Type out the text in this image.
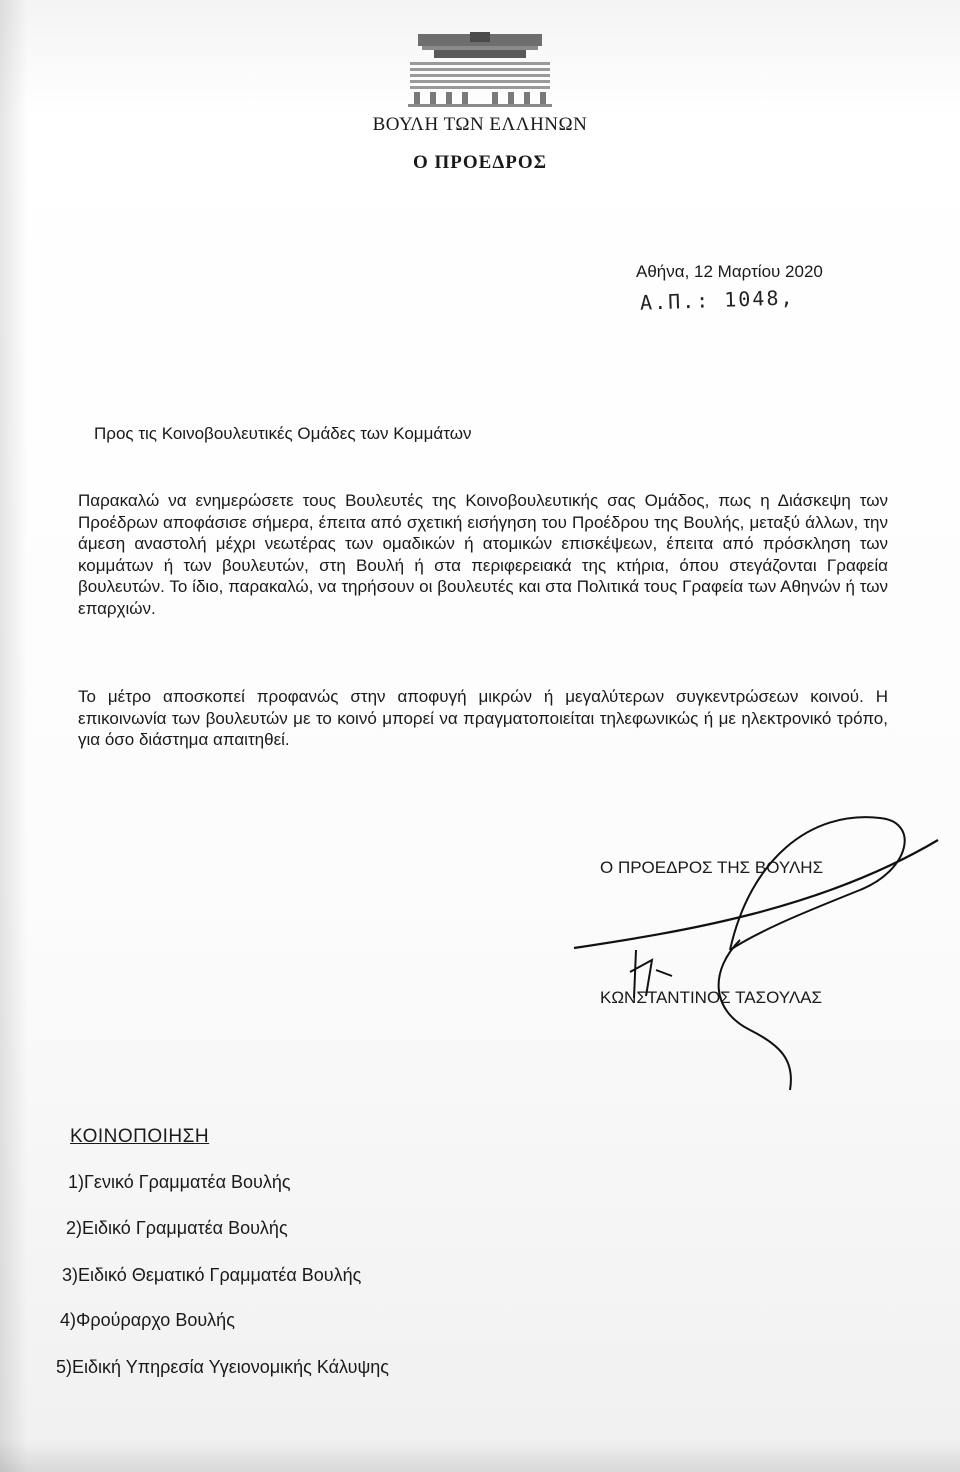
ΒΟΥΛΗ ΤΩΝ ΕΛΛΗΝΩΝ
Ο ΠΡΟΕΔΡΟΣ
Αθήνα, 12 Μαρτίου 2020
Α.Π.: 1048,
Προς τις Κοινοβουλευτικές Ομάδες των Κομμάτων

Παρακαλώ να ενημερώσετε τους Βουλευτές της Κοινοβουλευτικής σας Ομάδος, πως η Διάσκεψη των Προέδρων αποφάσισε σήμερα, έπειτα από σχετική εισήγηση του Προέδρου της Βουλής, μεταξύ άλλων, την άμεση αναστολή μέχρι νεωτέρας των ομαδικών ή ατομικών επισκέψεων, έπειτα από πρόσκληση των κομμάτων ή των βουλευτών, στη Βουλή ή στα περιφερειακά της κτήρια, όπου στεγάζονται Γραφεία βουλευτών. Το ίδιο, παρακαλώ, να τηρήσουν οι βουλευτές και στα Πολιτικά τους Γραφεία των Αθηνών ή των επαρχιών.

Το μέτρο αποσκοπεί προφανώς στην αποφυγή μικρών ή μεγαλύτερων συγκεντρώσεων κοινού. Η επικοινωνία των βουλευτών με το κοινό μπορεί να πραγματοποιείται τηλεφωνικώς ή με ηλεκτρονικό τρόπο, για όσο διάστημα απαιτηθεί.

Ο ΠΡΟΕΔΡΟΣ ΤΗΣ ΒΟΥΛΗΣ
ΚΩΝΣΤΑΝΤΙΝΟΣ ΤΑΣΟΥΛΑΣ
ΚΟΙΝΟΠΟΙΗΣΗ
1)Γενικό Γραμματέα Βουλής
2)Ειδικό Γραμματέα Βουλής
3)Ειδικό Θεματικό Γραμματέα Βουλής
4)Φρούραρχο Βουλής
5)Ειδική Υπηρεσία Υγειονομικής Κάλυψης
